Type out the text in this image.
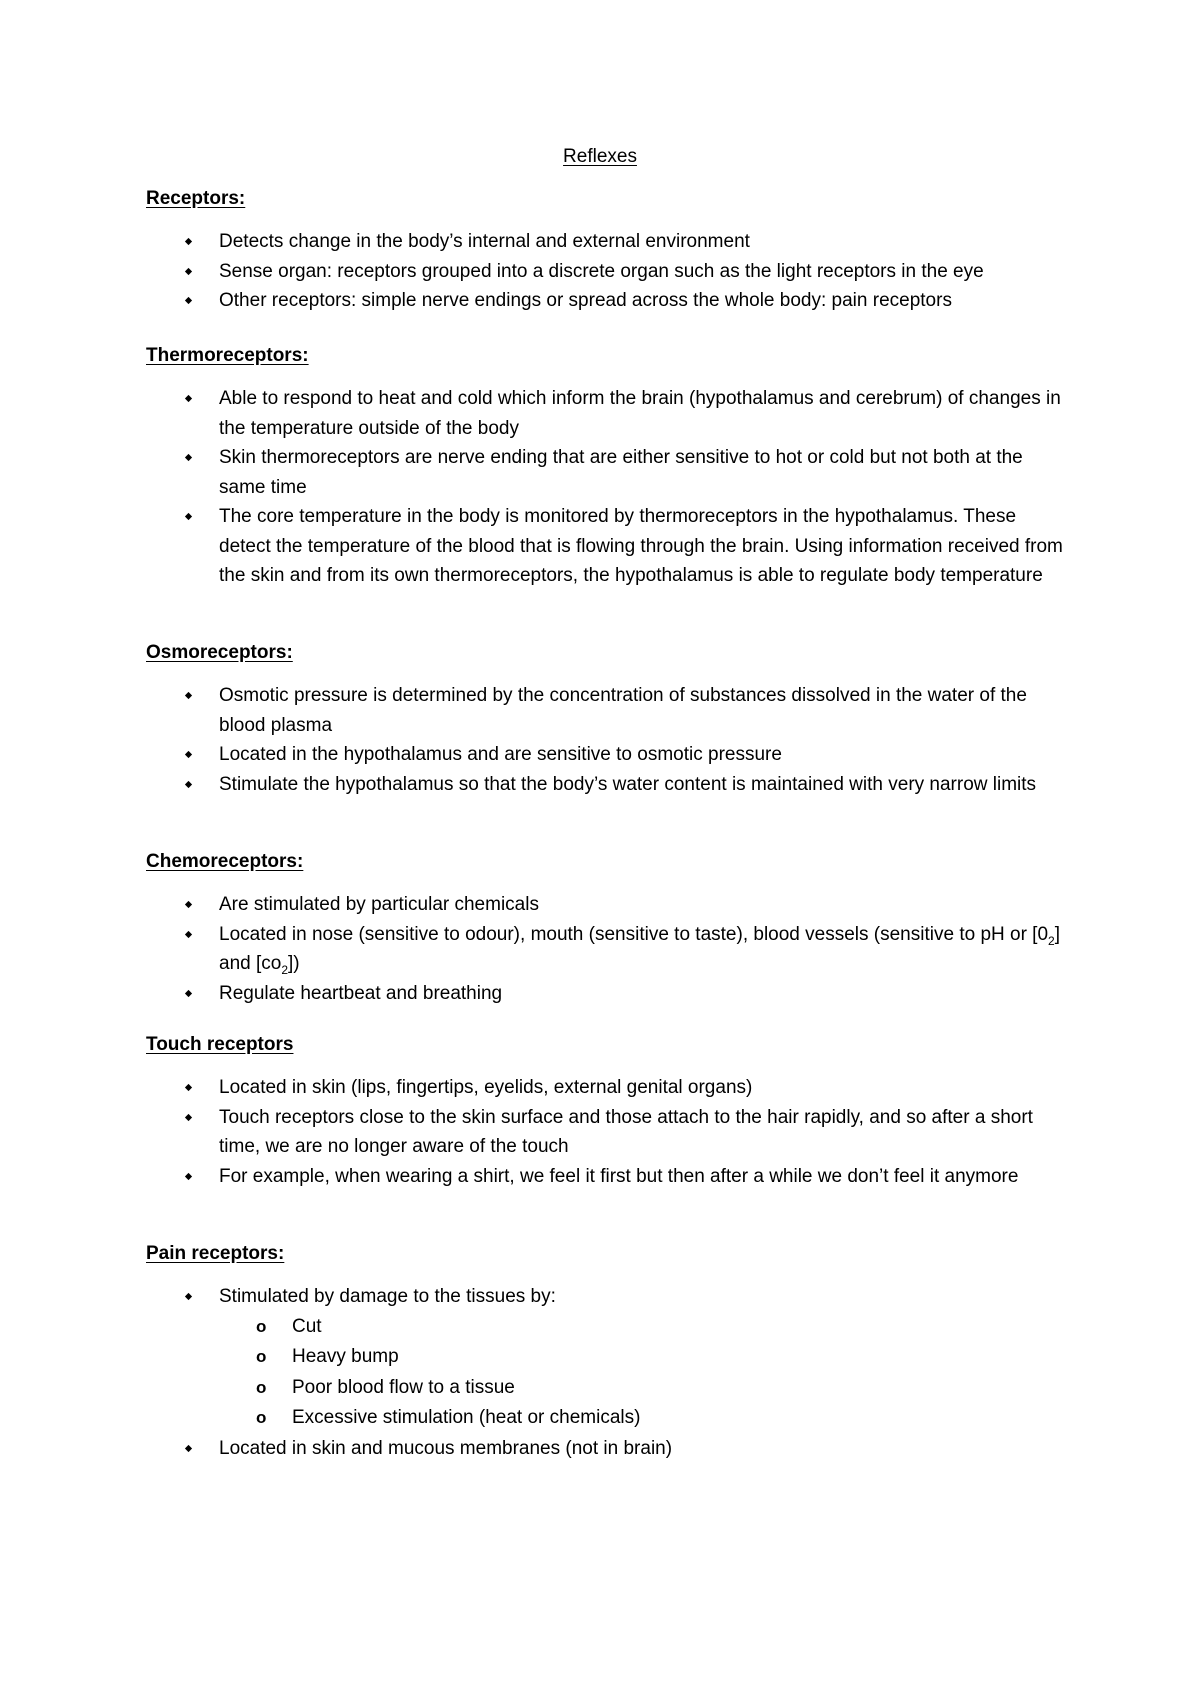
Reflexes
Receptors:
Detects change in the body’s internal and external environment
Sense organ: receptors grouped into a discrete organ such as the light receptors in the eye
Other receptors: simple nerve endings or spread across the whole body: pain receptors
Thermoreceptors:
Able to respond to heat and cold which inform the brain (hypothalamus and cerebrum) of changes in the temperature outside of the body
Skin thermoreceptors are nerve ending that are either sensitive to hot or cold but not both at the same time
The core temperature in the body is monitored by thermoreceptors in the hypothalamus. These detect the temperature of the blood that is flowing through the brain. Using information received from the skin and from its own thermoreceptors, the hypothalamus is able to regulate body temperature
Osmoreceptors:
Osmotic pressure is determined by the concentration of substances dissolved in the water of the blood plasma
Located in the hypothalamus and are sensitive to osmotic pressure
Stimulate the hypothalamus so that the body’s water content is maintained with very narrow limits
Chemoreceptors:
Are stimulated by particular chemicals
Located in nose (sensitive to odour), mouth (sensitive to taste), blood vessels (sensitive to pH or $[0_2]$ and $[co_2]$)
Regulate heartbeat and breathing
Touch receptors
Located in skin (lips, fingertips, eyelids, external genital organs)
Touch receptors close to the skin surface and those attach to the hair rapidly, and so after a short time, we are no longer aware of the touch
For example, when wearing a shirt, we feel it first but then after a while we don’t feel it anymore
Pain receptors:
Stimulated by damage to the tissues by:
o Cut
o Heavy bump
o Poor blood flow to a tissue
o Excessive stimulation (heat or chemicals)
Located in skin and mucous membranes (not in brain)
